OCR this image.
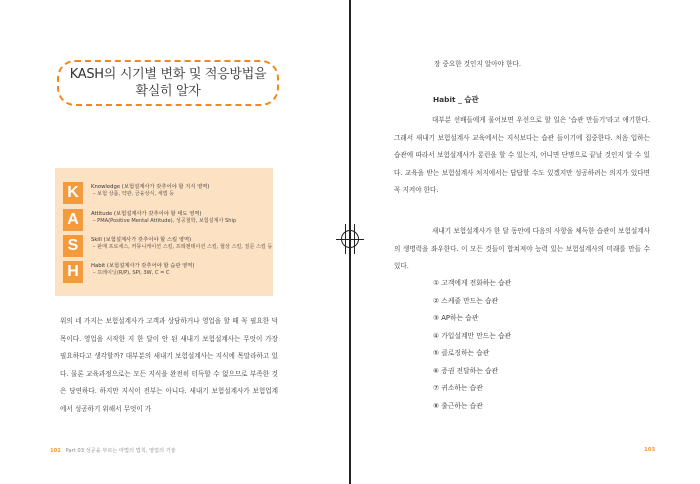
KASH의 시기별 변화 및 적응방법을
확실히 알자
K	Knowledge (보험설계사가 갖추어야 할 지식 영역)
– 보험 상품, 약관, 금융상식, 세법 등
A	Attitude (보험설계사가 갖추어야 할 태도 영역)
– PMA(Positive Mental Attitude), 성공철학, 보험설계사 Ship
S	Skill (보험설계사가 갖추어야 할 스킬 영역)
– 판매 프로세스, 커뮤니케이션 스킬, 프레젠테이션 스킬, 협상 스킬, 질문 스킬 등
H	Habit (보험설계사가 갖추어야 할 습관 영역)
– 프레이닝(R/P), SPI, 3W, C = C
위의 네 가지는 보험설계사가 고객과 상담하거나 영업을 할 때 꼭 필요한 덕목이다. 영업을 시작한 지 한 달이 안 된 새내기 보험설계사는 무엇이 가장 필요하다고 생각할까? 대부분의 새내기 보험설계사는 지식에 목말라하고 있다. 물론 교육과정으로는 모든 지식을 완전히 터득할 수 없으므로 부족한 것은 당연하다. 하지만 지식이 전부는 아니다. 새내기 보험설계사가 보험업계에서 성공하기 위해서 무엇이 가
102 Part 03 성공을 부르는 마법의 법칙, 영업의 기술
장 중요한 것인지 알아야 한다.
Habit _ 습관
대부분 선배들에게 물어보면 우선으로 할 일은 '습관 만들기'라고 얘기한다. 그래서 새내기 보험설계사 교육에서는 지식보다는 습관 들이기에 집중한다. 처음 입하는 습관에 따라서 보험설계사가 롱런을 할 수 있는지, 어니면 단명으로 끝날 것인지 알 수 있다. 교육을 받는 보험설계사 처지에서는 답답할 수도 있겠지만 성공하려는 의지가 있다면 꼭 지켜야 한다.
새내기 보험설계사가 한 달 동안에 다음의 사항을 체득한 습관이 보험설계사의 생명력을 좌우한다. 이 모든 것들이 합쳐져야 능력 있는 보험설계사의 미래를 만들 수 있다.
① 고객에게 전화하는 습관
② 스케줄 만드는 습관
③ AP하는 습관
④ 가입설계만 만드는 습관
⑤ 클로징하는 습관
⑥ 증권 전달하는 습관
⑦ 귀소하는 습관
⑧ 출근하는 습관
103
